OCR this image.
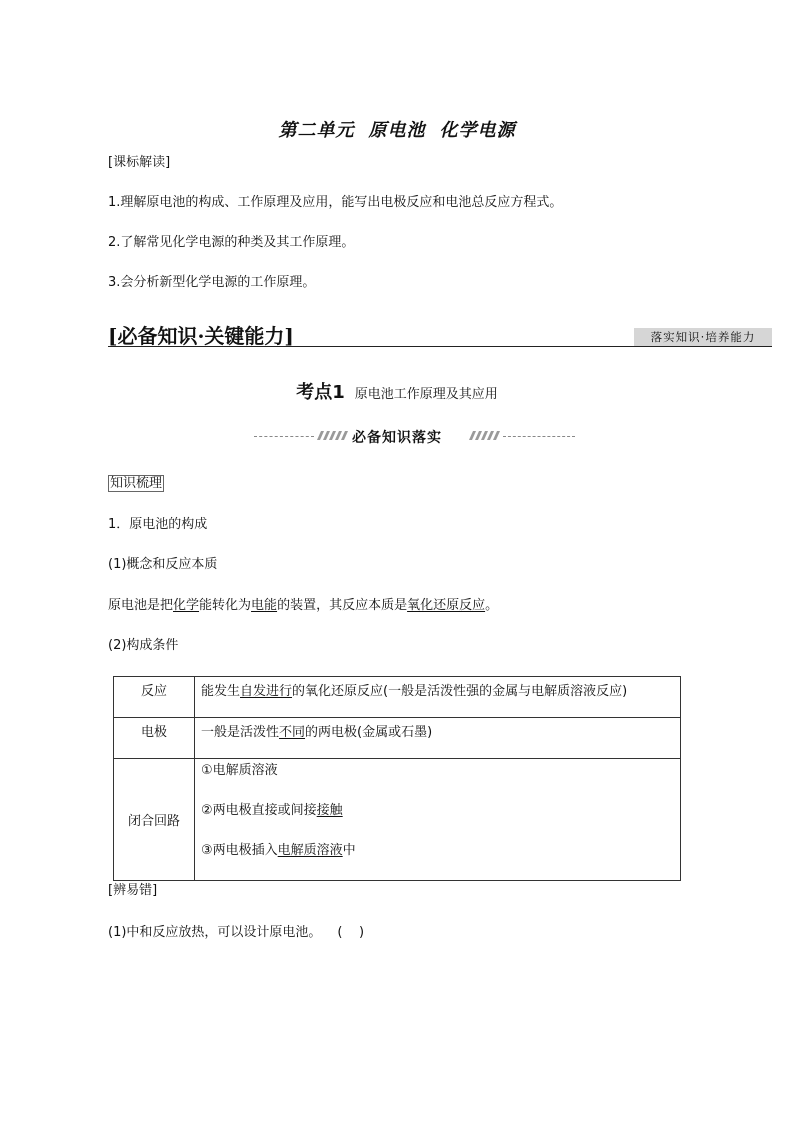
第二单元 原电池 化学电源
[课标解读]
1.理解原电池的构成、工作原理及应用，能写出电极反应和电池总反应方程式。
2.了解常见化学电源的种类及其工作原理。
3.会分析新型化学电源的工作原理。
[必备知识·关键能力]	落实知识·培养能力
考点1 原电池工作原理及其应用
必备知识落实
知识梳理
1．原电池的构成
(1)概念和反应本质
原电池是把化学能转化为电能的装置，其反应本质是氧化还原反应。
(2)构成条件
反应	能发生自发进行的氧化还原反应(一般是活泼性强的金属与电解质溶液反应)
电极	一般是活泼性不同的两电极(金属或石墨)
闭合回路	①电解质溶液

②两电极直接或间接接触

③两电极插入电解质溶液中

[辨易错]
(1)中和反应放热，可以设计原电池。 (    )
